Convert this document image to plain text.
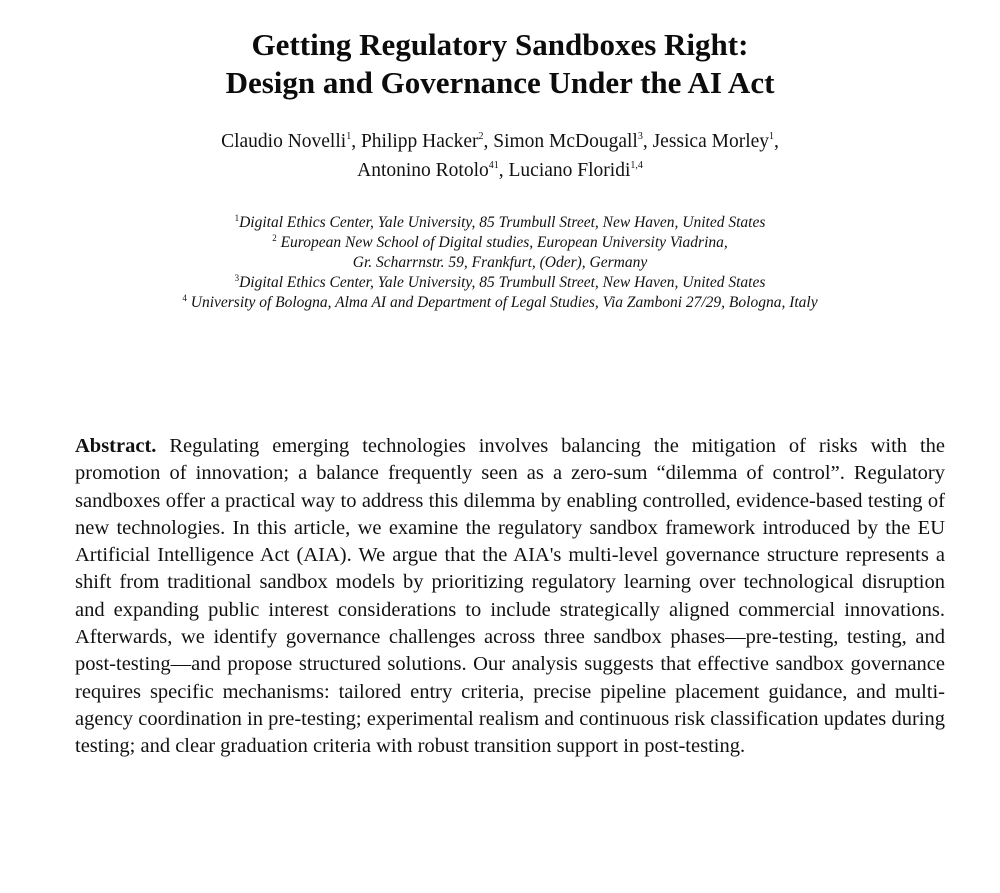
Getting Regulatory Sandboxes Right:
Design and Governance Under the AI Act
Claudio Novelli$^1$, Philipp Hacker$^2$, Simon McDougall$^3$, Jessica Morley$^1$,
Antonino Rotolo$^{41}$, Luciano Floridi$^{1,4}$
$^1$Digital Ethics Center, Yale University, 85 Trumbull Street, New Haven, United States
$^2$ European New School of Digital studies, European University Viadrina,
Gr. Scharrnstr. 59, Frankfurt, (Oder), Germany
$^3$Digital Ethics Center, Yale University, 85 Trumbull Street, New Haven, United States
$^4$ University of Bologna, Alma AI and Department of Legal Studies, Via Zamboni 27/29, Bologna, Italy

Abstract. Regulating emerging technologies involves balancing the mitigation of risks with the promotion of innovation; a balance frequently seen as a zero-sum “dilemma of control”. Regulatory sandboxes offer a practical way to address this dilemma by enabling controlled, evidence-based testing of new technologies. In this article, we examine the regulatory sandbox framework introduced by the EU Artificial Intelligence Act (AIA). We argue that the AIA's multi-level governance structure represents a shift from traditional sandbox models by prioritizing regulatory learning over technological disruption and expanding public interest considerations to include strategically aligned commercial innovations. Afterwards, we identify governance challenges across three sandbox phases—pre-testing, testing, and post-testing—and propose structured solutions. Our analysis suggests that effective sandbox governance requires specific mechanisms: tailored entry criteria, precise pipeline placement guidance, and multi-agency coordination in pre-testing; experimental realism and continuous risk classification updates during testing; and clear graduation criteria with robust transition support in post-testing.
